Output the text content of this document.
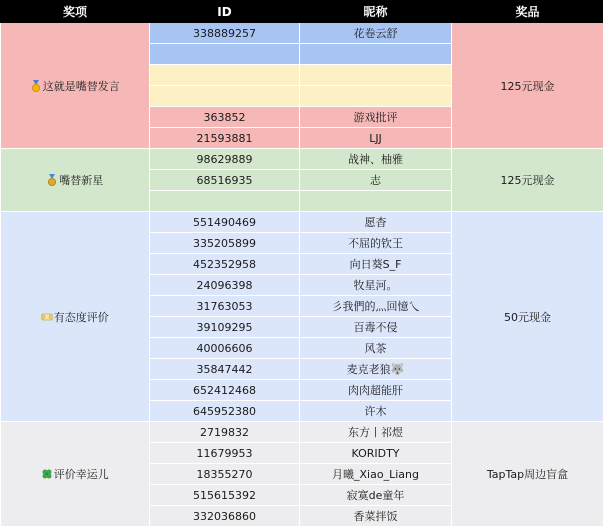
奖项	ID	昵称	奖品
这就是嘴替发言	338889257	花卷云舒	125元现金

	363852	游戏批评	
	21593881	LJJ	
嘴替新星	98629889	战神、柚雅	125元现金
	68516935	志	

有态度评价	551490469	愿杳	50元现金
	335205899	不屈的钦王	
	452352958	向日葵S_F	
	24096398	牧星河。	
	31763053	彡我們的灬回憶乀	
	39109295	百毒不侵	
	40006606	风茶	
	35847442	麦克老狼🐺	
	652412468	肉肉超能肝	
	645952380	许木	
评价幸运儿	2719832	东方丨祁煜	TapTap周边盲盒
	11679953	KORIDTY	
	18355270	月曦_Xiao_Liang	
	515615392	寂寞de童年	
	332036860	香菜拌饭	
